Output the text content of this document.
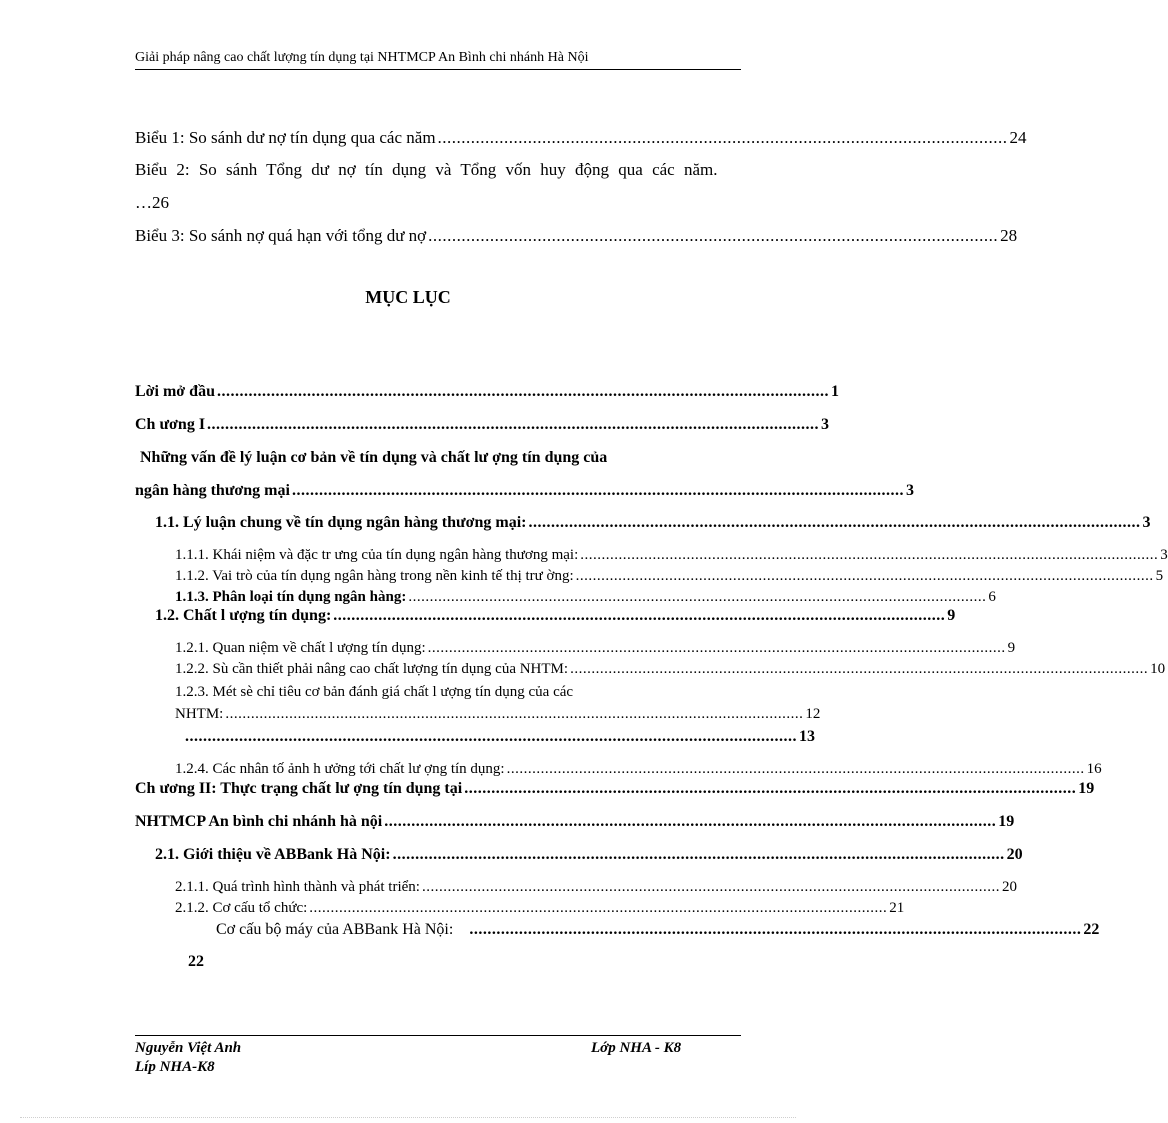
Giải pháp nâng cao chất lượng tín dụng tại NHTMCP An Bình chi nhánh Hà Nội
Biểu 1: So sánh dư nợ tín dụng qua các năm ........................................................................................................................ 24
Biểu 2: So sánh Tổng dư nợ tín dụng và Tổng vốn huy động qua các năm.
…26
Biểu 3: So sánh nợ quá hạn với tổng dư nợ ........................................................................................................................ 28
MỤC LỤC
Lời mở đầu ........................................................................................................................................ 1
Ch ương I ........................................................................................................................................ 3
Những vấn đề lý luận cơ bản về tín dụng và chất lư ợng tín dụng của
ngân hàng thương mại ........................................................................................................................................ 3
1.1. Lý luận chung về tín dụng ngân hàng thương mại: ........................................................................................................................................ 3
1.1.1. Khái niệm và đặc tr ưng của tín dụng ngân hàng thương mại: ........................................................................................................................................ 3
1.1.2. Vai trò của tín dụng ngân hàng trong nền kinh tế thị trư ờng: ........................................................................................................................................ 5
1.1.3. Phân loại tín dụng ngân hàng: ........................................................................................................................................ 6
1.2. Chất l ượng tín dụng: ........................................................................................................................................ 9
1.2.1. Quan niệm về chất l ượng tín dụng: ........................................................................................................................................ 9
1.2.2. Sù cần thiết phải nâng cao chất lượng tín dụng của NHTM: ........................................................................................................................................ 10
1.2.3. Mét sè chỉ tiêu cơ bản đánh giá chất l ượng tín dụng của các
NHTM: ........................................................................................................................................ 12
........................................................................................................................................ 13
1.2.4. Các nhân tố ảnh h ưởng tới chất lư ợng tín dụng: ........................................................................................................................................ 16
Ch ương II: Thực trạng chất lư ợng tín dụng tại ........................................................................................................................................ 19
NHTMCP An bình chi nhánh hà nội ........................................................................................................................................ 19
2.1. Giới thiệu về ABBank Hà Nội: ........................................................................................................................................ 20
2.1.1. Quá trình hình thành và phát triển: ........................................................................................................................................ 20
2.1.2. Cơ cấu tổ chức: ........................................................................................................................................ 21
Cơ cấu bộ máy của ABBank Hà Nội: ........................................................................................................................................ 22
22
Nguyễn Việt Anh	Lớp NHA - K8
Líp NHA-K8
